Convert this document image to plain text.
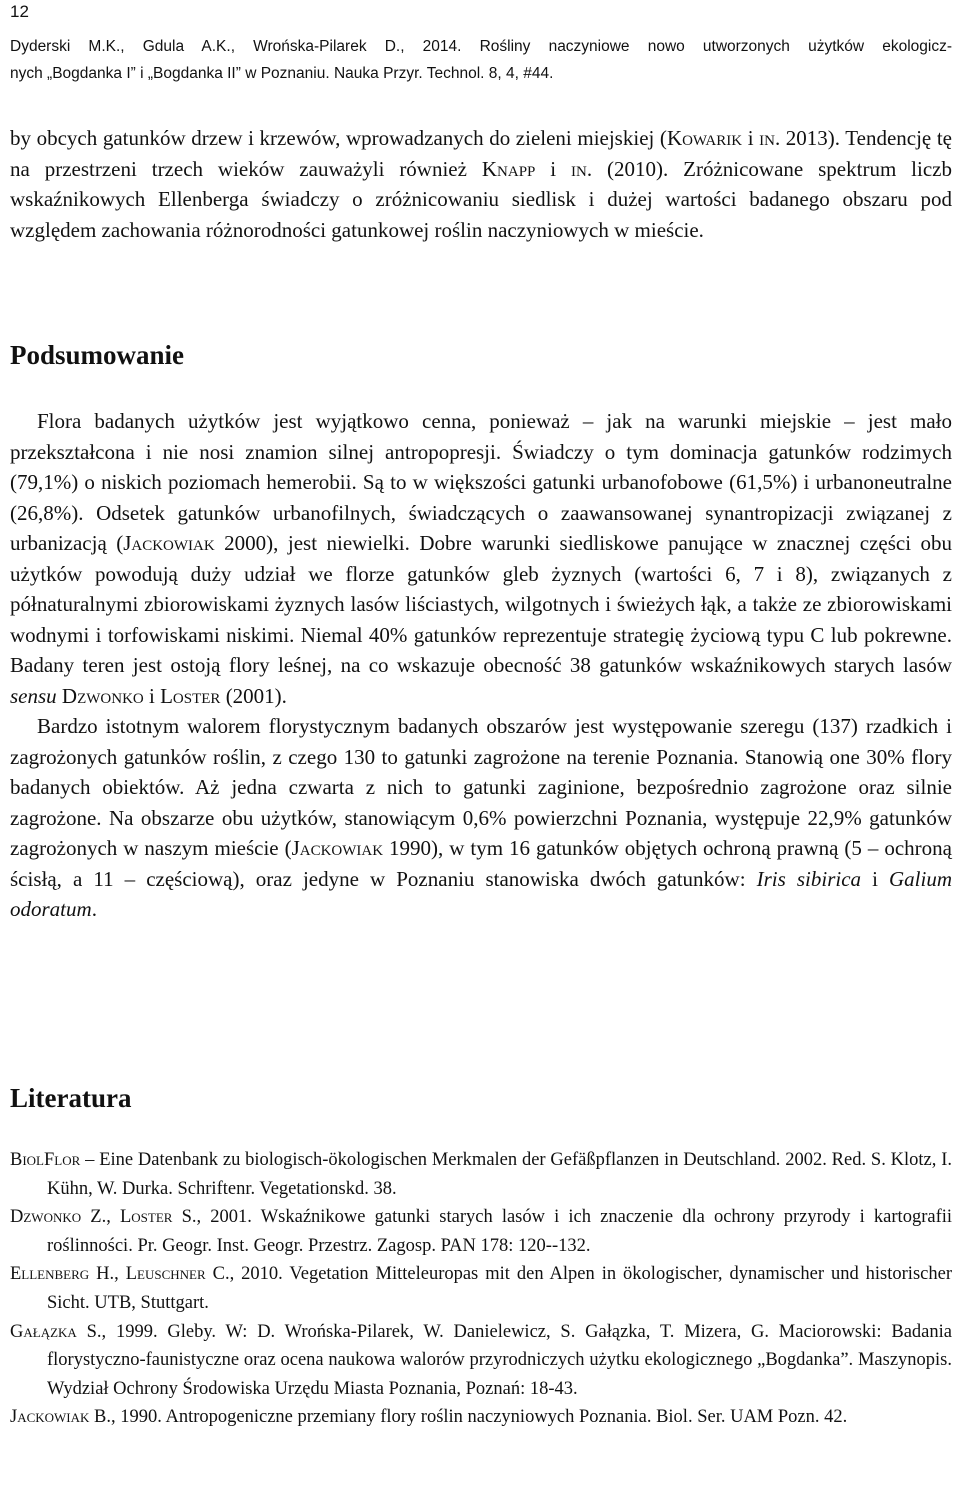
12
Dyderski M.K., Gdula A.K., Wrońska-Pilarek D., 2014. Rośliny naczyniowe nowo utworzonych użytków ekologicz-
nych „Bogdanka I” i „Bogdanka II” w Poznaniu. Nauka Przyr. Technol. 8, 4, #44.

by obcych gatunków drzew i krzewów, wprowadzanych do zieleni miejskiej (Kowarik i in. 2013). Tendencję tę na przestrzeni trzech wieków zauważyli również Knapp i in. (2010). Zróżnicowane spektrum liczb wskaźnikowych Ellenberga świadczy o zróżnicowaniu siedlisk i dużej wartości badanego obszaru pod względem zachowania różnorodności gatunkowej roślin naczyniowych w mieście.

Podsumowanie

Flora badanych użytków jest wyjątkowo cenna, ponieważ – jak na warunki miejskie – jest mało przekształcona i nie nosi znamion silnej antropopresji. Świadczy o tym dominacja gatunków rodzimych (79,1%) o niskich poziomach hemerobii. Są to w większości gatunki urbanofobowe (61,5%) i urbanoneutralne (26,8%). Odsetek gatunków urbanofilnych, świadczących o zaawansowanej synantropizacji związanej z urbanizacją (Jackowiak 2000), jest niewielki. Dobre warunki siedliskowe panujące w znacznej części obu użytków powodują duży udział we florze gatunków gleb żyznych (wartości 6, 7 i 8), związanych z półnaturalnymi zbiorowiskami żyznych lasów liściastych, wilgotnych i świeżych łąk, a także ze zbiorowiskami wodnymi i torfowiskami niskimi. Niemal 40% gatunków reprezentuje strategię życiową typu C lub pokrewne. Badany teren jest ostoją flory leśnej, na co wskazuje obecność 38 gatunków wskaźnikowych starych lasów sensu Dzwonko i Loster (2001).

Bardzo istotnym walorem florystycznym badanych obszarów jest występowanie szeregu (137) rzadkich i zagrożonych gatunków roślin, z czego 130 to gatunki zagrożone na terenie Poznania. Stanowią one 30% flory badanych obiektów. Aż jedna czwarta z nich to gatunki zaginione, bezpośrednio zagrożone oraz silnie zagrożone. Na obszarze obu użytków, stanowiącym 0,6% powierzchni Poznania, występuje 22,9% gatunków zagrożonych w naszym mieście (Jackowiak 1990), w tym 16 gatunków objętych ochroną prawną (5 – ochroną ścisłą, a 11 – częściową), oraz jedyne w Poznaniu stanowiska dwóch gatunków: Iris sibirica i Galium odoratum.

Literatura

BiolFlor – Eine Datenbank zu biologisch-ökologischen Merkmalen der Gefäßpflanzen in Deutschland. 2002. Red. S. Klotz, I. Kühn, W. Durka. Schriftenr. Vegetationskd. 38.

Dzwonko Z., Loster S., 2001. Wskaźnikowe gatunki starych lasów i ich znaczenie dla ochrony przyrody i kartografii roślinności. Pr. Geogr. Inst. Geogr. Przestrz. Zagosp. PAN 178: 120--132.

Ellenberg H., Leuschner C., 2010. Vegetation Mitteleuropas mit den Alpen in ökologischer, dynamischer und historischer Sicht. UTB, Stuttgart.

Gałązka S., 1999. Gleby. W: D. Wrońska-Pilarek, W. Danielewicz, S. Gałązka, T. Mizera, G. Maciorowski: Badania florystyczno-faunistyczne oraz ocena naukowa walorów przyrodniczych użytku ekologicznego „Bogdanka”. Maszynopis. Wydział Ochrony Środowiska Urzędu Miasta Poznania, Poznań: 18-43.

Jackowiak B., 1990. Antropogeniczne przemiany flory roślin naczyniowych Poznania. Biol. Ser. UAM Pozn. 42.
